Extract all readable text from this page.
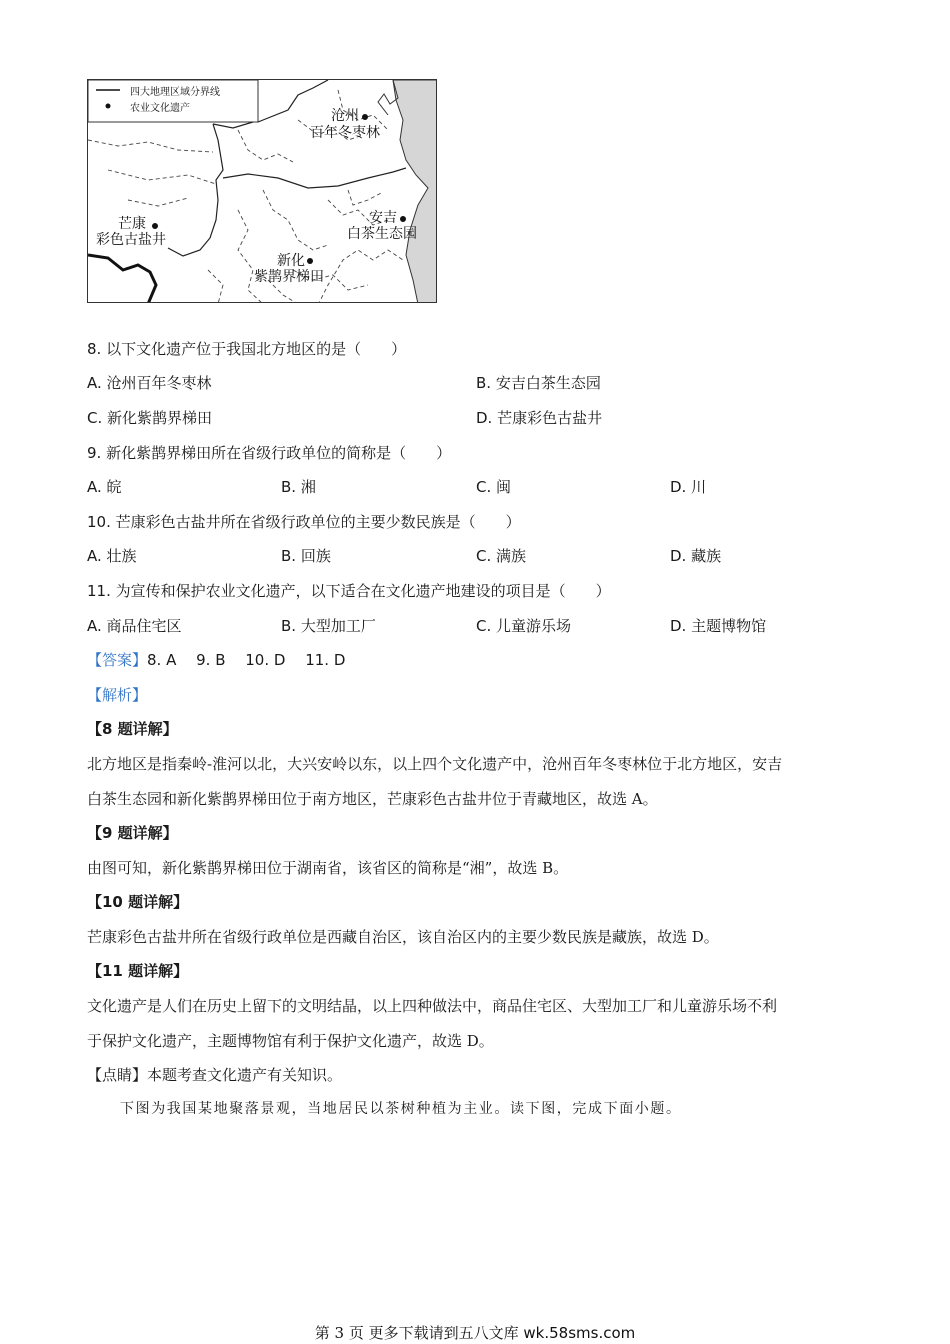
四大地理区域分界线
农业文化遗产	沧州
百年冬枣林
安吉
白茶生态园
芒康
彩色古盐井
新化
紫鹊界梯田
8. 以下文化遗产位于我国北方地区的是（　　）
A. 沧州百年冬枣林	B. 安吉白茶生态园
C. 新化紫鹊界梯田	D. 芒康彩色古盐井
9. 新化紫鹊界梯田所在省级行政单位的简称是（　　）
A. 皖	B. 湘	C. 闽	D. 川
10. 芒康彩色古盐井所在省级行政单位的主要少数民族是（　　）
A. 壮族	B. 回族	C. 满族	D. 藏族
11. 为宣传和保护农业文化遗产，以下适合在文化遗产地建设的项目是（　　）
A. 商品住宅区	B. 大型加工厂	C. 儿童游乐场	D. 主题博物馆
【答案】8. A　 9. B　 10. D　 11. D
【解析】
【8 题详解】
北方地区是指秦岭-淮河以北，大兴安岭以东，以上四个文化遗产中，沧州百年冬枣林位于北方地区，安吉
白茶生态园和新化紫鹊界梯田位于南方地区，芒康彩色古盐井位于青藏地区，故选 A。
【9 题详解】
由图可知，新化紫鹊界梯田位于湖南省，该省区的简称是“湘”，故选 B。
【10 题详解】
芒康彩色古盐井所在省级行政单位是西藏自治区，该自治区内的主要少数民族是藏族，故选 D。
【11 题详解】
文化遗产是人们在历史上留下的文明结晶，以上四种做法中，商品住宅区、大型加工厂和儿童游乐场不利
于保护文化遗产，主题博物馆有利于保护文化遗产，故选 D。
【点睛】本题考查文化遗产有关知识。
下图为我国某地聚落景观，当地居民以茶树种植为主业。读下图，完成下面小题。
第 3 页 更多下载请到五八文库 wk.58sms.com
